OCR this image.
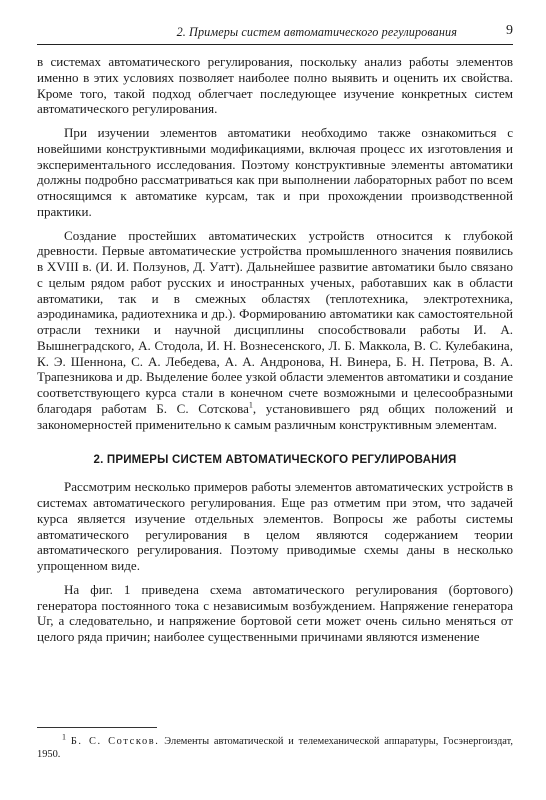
2. Примеры систем автоматического регулирования	9

в системах автоматического регулирования, поскольку анализ работы элементов именно в этих условиях позволяет наиболее полно выявить и оценить их свойства. Кроме того, такой подход облегчает последующее изучение конкретных систем автоматического регулирования.

При изучении элементов автоматики необходимо также ознакомиться с новейшими конструктивными модификациями, включая процесс их изготовления и экспериментального исследования. Поэтому конструктивные элементы автоматики должны подробно рассматриваться как при выполнении лабораторных работ по всем относящимся к автоматике курсам, так и при прохождении производственной практики.

Создание простейших автоматических устройств относится к глубокой древности. Первые автоматические устройства промышленного значения появились в XVIII в. (И. И. Ползунов, Д. Уатт). Дальнейшее развитие автоматики было связано с целым рядом работ русских и иностранных ученых, работавших как в области автоматики, так и в смежных областях (теплотехника, электротехника, аэродинамика, радиотехника и др.). Формированию автоматики как самостоятельной отрасли техники и научной дисциплины способствовали работы И. А. Вышнеградского, А. Стодола, И. Н. Вознесенского, Л. Б. Маккола, В. С. Кулебакина, К. Э. Шеннона, С. А. Лебедева, А. А. Андронова, Н. Винера, Б. Н. Петрова, В. А. Трапезникова и др. Выделение более узкой области элементов автоматики и создание соответствующего курса стали в конечном счете возможными и целесообразными благодаря работам Б. С. Сотскова$^1$, установившего ряд общих положений и закономерностей применительно к самым различным конструктивным элементам.

2. ПРИМЕРЫ СИСТЕМ АВТОМАТИЧЕСКОГО РЕГУЛИРОВАНИЯ

Рассмотрим несколько примеров работы элементов автоматических устройств в системах автоматического регулирования. Еще раз отметим при этом, что задачей курса является изучение отдельных элементов. Вопросы же работы системы автоматического регулирования в целом являются содержанием теории автоматического регулирования. Поэтому приводимые схемы даны в несколько упрощенном виде.

На фиг. 1 приведена схема автоматического регулирования (бортового) генератора постоянного тока с независимым возбуждением. Напряжение генератора Uг, а следовательно, и напряжение бортовой сети может очень сильно меняться от целого ряда причин; наиболее существенными причинами являются изменение

$^1$ Б. С. Сотсков. Элементы автоматической и телемеханической аппаратуры, Госэнергоиздат, 1950.
